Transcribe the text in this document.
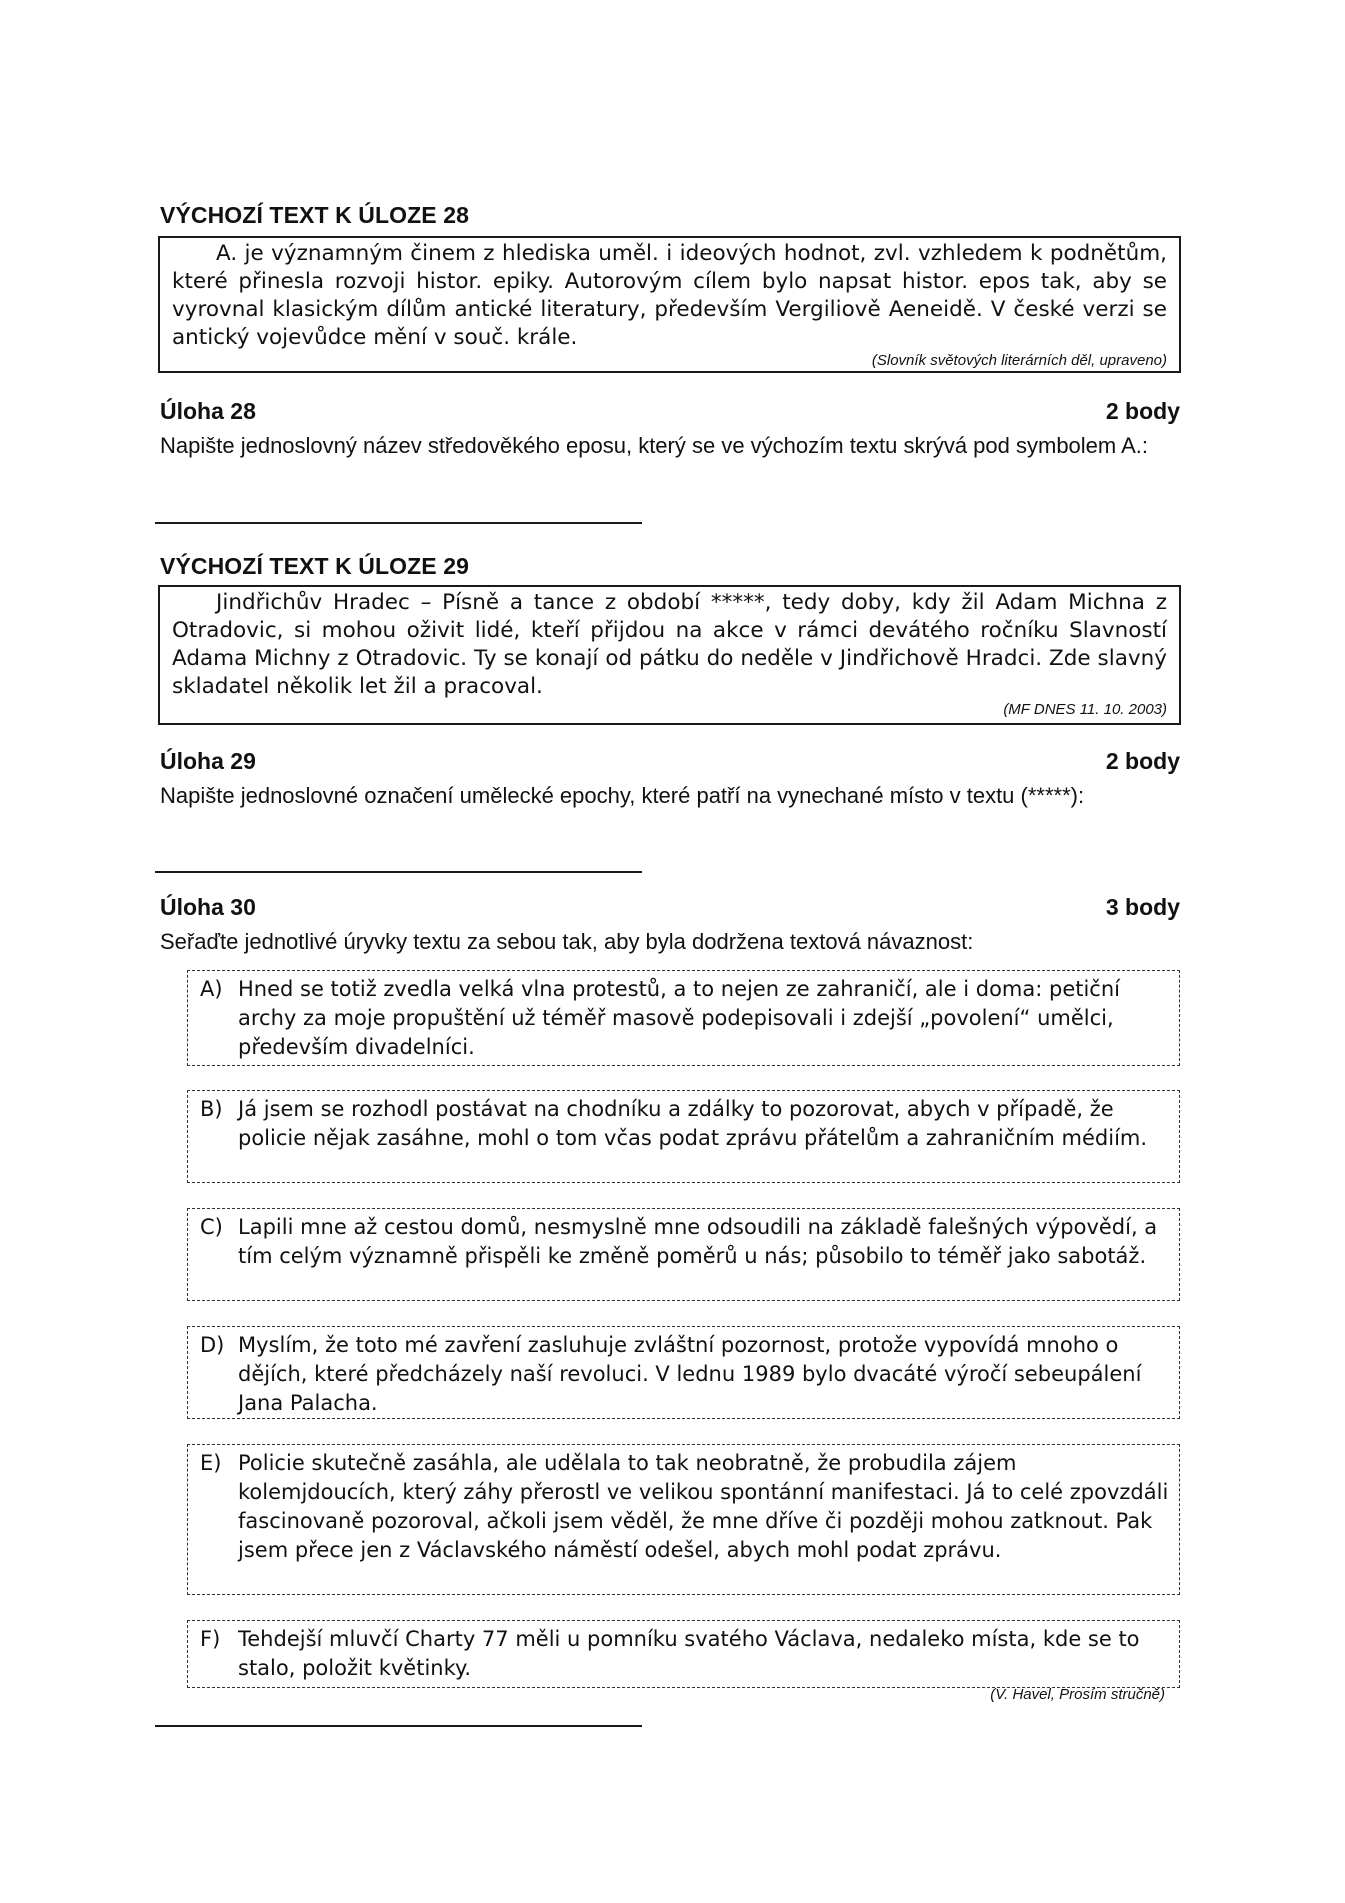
VÝCHOZÍ TEXT K ÚLOZE 28

A. je významným činem z hlediska uměl. i ideových hodnot, zvl. vzhledem k podnětům, které přinesla rozvoji histor. epiky. Autorovým cílem bylo napsat histor. epos tak, aby se vyrovnal klasickým dílům antické literatury, především Vergiliově Aeneidě. V české verzi se antický vojevůdce mění v souč. krále.

(Slovník světových literárních děl, upraveno)
Úloha 28	2 body
Napište jednoslovný název středověkého eposu, který se ve výchozím textu skrývá pod symbolem A.:
VÝCHOZÍ TEXT K ÚLOZE 29

Jindřichův Hradec – Písně a tance z období *****, tedy doby, kdy žil Adam Michna z Otradovic, si mohou oživit lidé, kteří přijdou na akce v rámci devátého ročníku Slavností Adama Michny z Otradovic. Ty se konají od pátku do neděle v Jindřichově Hradci. Zde slavný skladatel několik let žil a pracoval.

(MF DNES 11. 10. 2003)
Úloha 29	2 body
Napište jednoslovné označení umělecké epochy, které patří na vynechané místo v textu (*****):
Úloha 30	3 body
Seřaďte jednotlivé úryvky textu za sebou tak, aby byla dodržena textová návaznost:
A) Hned se totiž zvedla velká vlna protestů, a to nejen ze zahraničí, ale i doma: petiční archy za moje propuštění už téměř masově podepisovali i zdejší „povolení“ umělci, především divadelníci.
B) Já jsem se rozhodl postávat na chodníku a zdálky to pozorovat, abych v případě, že policie nějak zasáhne, mohl o tom včas podat zprávu přátelům a zahraničním médiím.
C) Lapili mne až cestou domů, nesmyslně mne odsoudili na základě falešných výpovědí, a tím celým významně přispěli ke změně poměrů u nás; působilo to téměř jako sabotáž.
D) Myslím, že toto mé zavření zasluhuje zvláštní pozornost, protože vypovídá mnoho o dějích, které předcházely naší revoluci. V lednu 1989 bylo dvacáté výročí sebeupálení Jana Palacha.
E) Policie skutečně zasáhla, ale udělala to tak neobratně, že probudila zájem kolemjdoucích, který záhy přerostl ve velikou spontánní manifestaci. Já to celé zpovzdáli fascinovaně pozoroval, ačkoli jsem věděl, že mne dříve či později mohou zatknout. Pak jsem přece jen z Václavského náměstí odešel, abych mohl podat zprávu.
F) Tehdejší mluvčí Charty 77 měli u pomníku svatého Václava, nedaleko místa, kde se to stalo, položit květinky.
(V. Havel, Prosím stručně)
